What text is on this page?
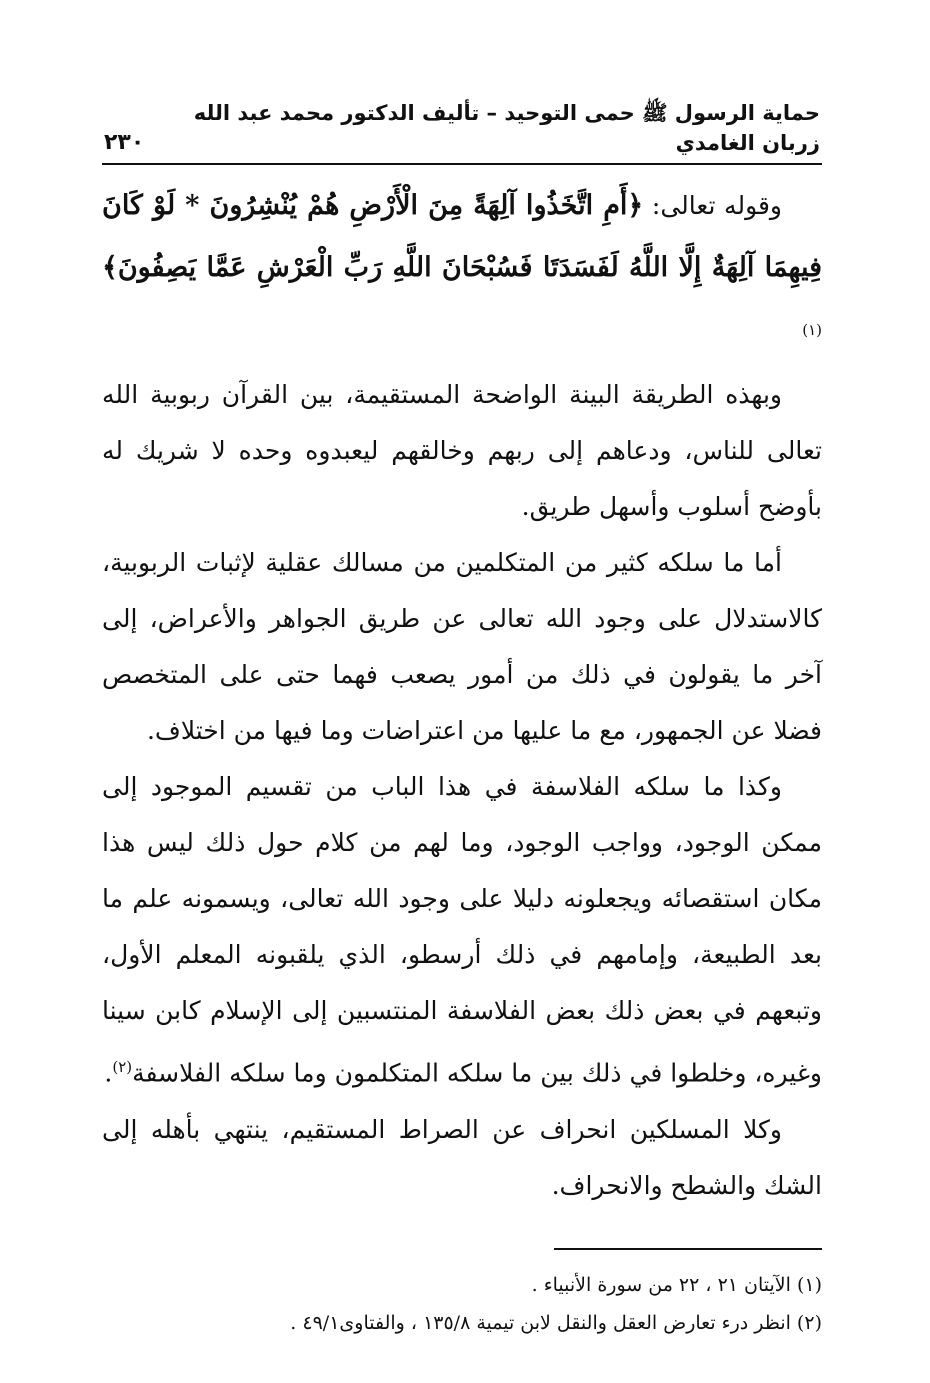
حماية الرسول ﷺ حمى التوحيد – تأليف الدكتور محمد عبد الله زربان الغامدي
٢٣٠

وقوله تعالى: ﴿أَمِ اتَّخَذُوا آلِهَةً مِنَ الْأَرْضِ هُمْ يُنْشِرُونَ * لَوْ كَانَ فِيهِمَا آلِهَةٌ إِلَّا اللَّهُ لَفَسَدَتَا فَسُبْحَانَ اللَّهِ رَبِّ الْعَرْشِ عَمَّا يَصِفُونَ﴾ $^{(١)}$

وبهذه الطريقة البينة الواضحة المستقيمة، بين القرآن ربوبية الله تعالى للناس، ودعاهم إلى ربهم وخالقهم ليعبدوه وحده لا شريك له بأوضح أسلوب وأسهل طريق.

أما ما سلكه كثير من المتكلمين من مسالك عقلية لإثبات الربوبية، كالاستدلال على وجود الله تعالى عن طريق الجواهر والأعراض، إلى آخر ما يقولون في ذلك من أمور يصعب فهما حتى على المتخصص فضلا عن الجمهور، مع ما عليها من اعتراضات وما فيها من اختلاف.

وكذا ما سلكه الفلاسفة في هذا الباب من تقسيم الموجود إلى ممكن الوجود، وواجب الوجود، وما لهم من كلام حول ذلك ليس هذا مكان استقصائه ويجعلونه دليلا على وجود الله تعالى، ويسمونه علم ما بعد الطبيعة، وإمامهم في ذلك أرسطو، الذي يلقبونه المعلم الأول، وتبعهم في بعض ذلك بعض الفلاسفة المنتسبين إلى الإسلام كابن سينا وغيره، وخلطوا في ذلك بين ما سلكه المتكلمون وما سلكه الفلاسفة$^{(٢)}$.

وكلا المسلكين انحراف عن الصراط المستقيم، ينتهي بأهله إلى الشك والشطح والانحراف.

(١) الآيتان ٢١ ، ٢٢ من سورة الأنبياء .

(٢) انظر درء تعارض العقل والنقل لابن تيمية ١٣٥/٨ ، والفتاوى٤٩/١ .
